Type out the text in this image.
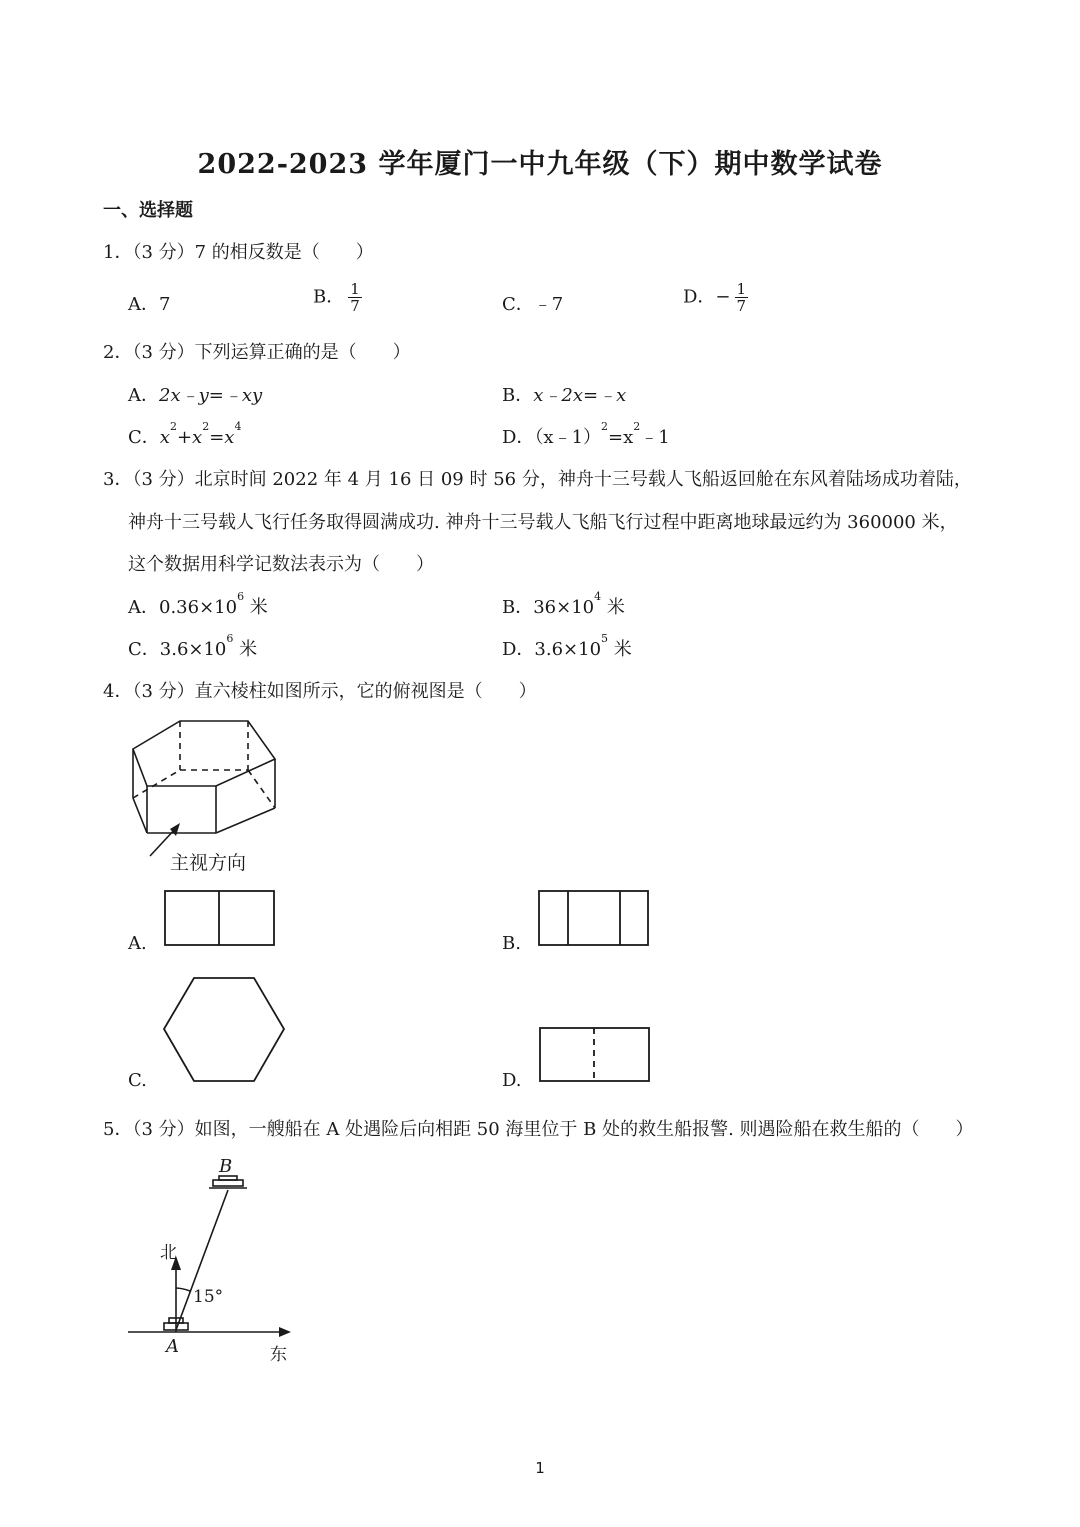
2022-2023 学年厦门一中九年级（下）期中数学试卷
一、选择题
1．（3 分）7 的相反数是（　　）
A．7	B． $\frac{1}{7}$	C．﹣7	D．− $\frac{1}{7}$
2．（3 分）下列运算正确的是（　　）
A．2x﹣y=﹣xy	B．x﹣2x=﹣x
C．$x^2+x^2=x^4$
D．$(x﹣1)^2=x^2﹣1$
3．（3 分）北京时间 2022 年 4 月 16 日 09 时 56 分，神舟十三号载人飞船返回舱在东风着陆场成功着陆，
神舟十三号载人飞行任务取得圆满成功. 神舟十三号载人飞船飞行过程中距离地球最远约为 360000 米，
这个数据用科学记数法表示为（　　）
A．$0.36\times 10^6$ 米	B．$36\times 10^4$ 米
C．$3.6\times 10^6$ 米	D．$3.6\times 10^5$ 米
4．（3 分）直六棱柱如图所示，它的俯视图是（　　）
主视方向
A.	B.
C.	D.
5．（3 分）如图，一艘船在 A 处遇险后向相距 50 海里位于 B 处的救生船报警. 则遇险船在救生船的（　　）
B
北
15°
A	东
1
